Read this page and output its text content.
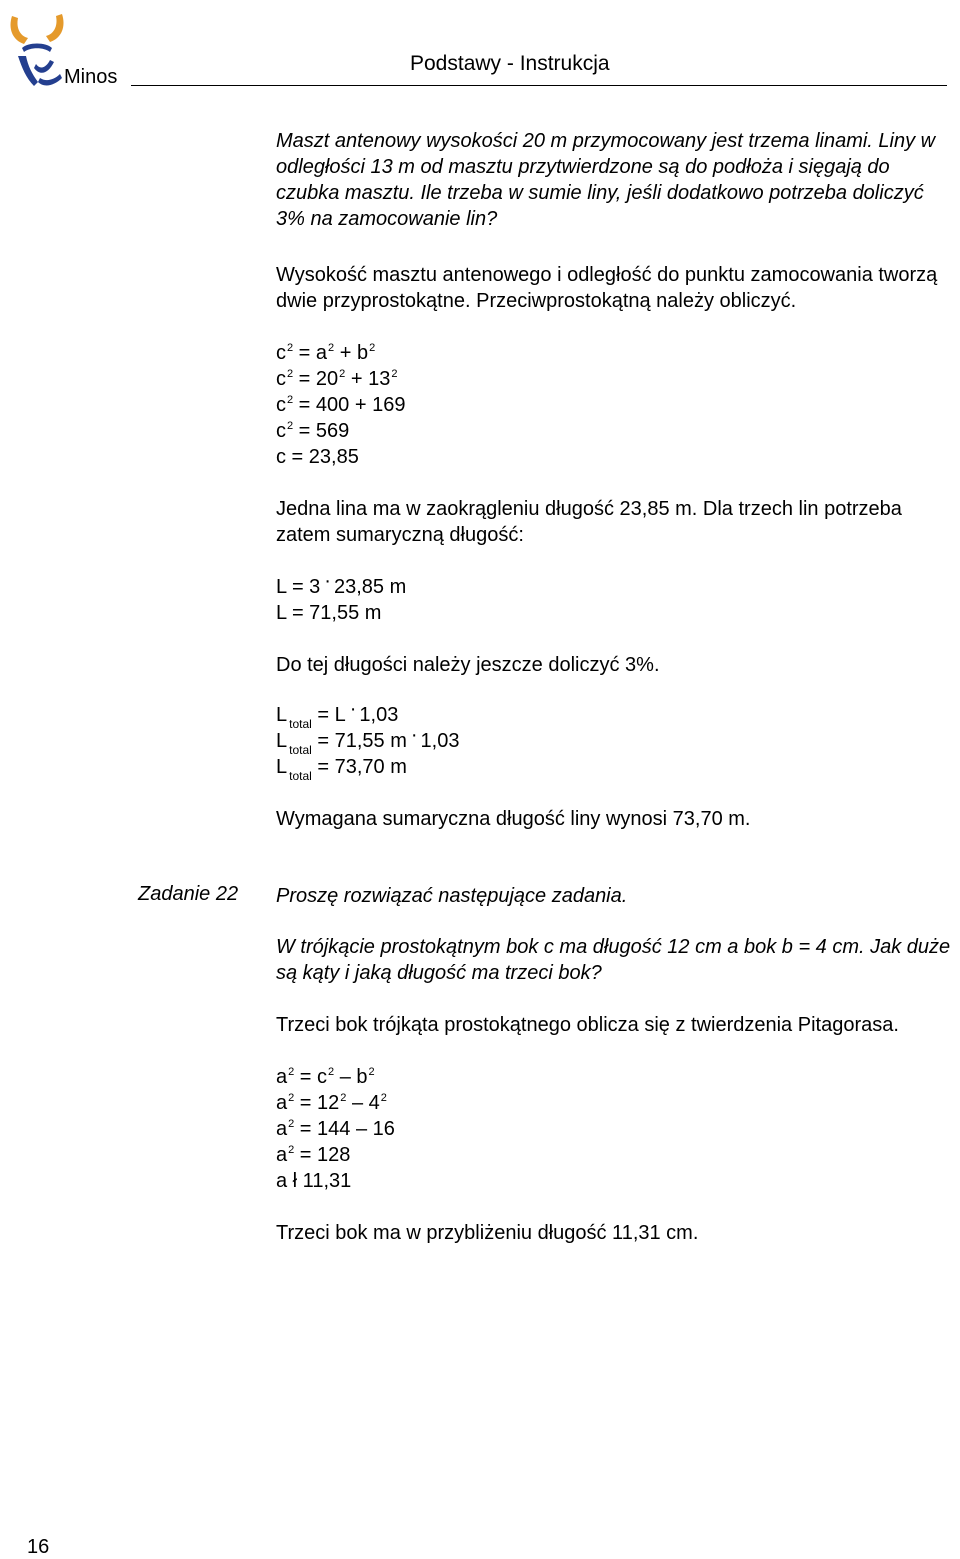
Minos
Podstawy - Instrukcja
Maszt antenowy wysokości 20 m przymocowany jest trzema linami. Liny w odległości 13 m od masztu przytwierdzone są do podłoża i sięgają do czubka masztu. Ile trzeba w sumie liny, jeśli dodatkowo potrzeba doliczyć 3% na zamocowanie lin?
Wysokość masztu antenowego i odległość do punktu zamocowania tworzą dwie przyprostokątne. Przeciwprostokątną należy obliczyć.
$c^2 = a^2 + b^2$
$c^2 = 20^2 + 13^2$
$c^2 = 400 + 169$
$c^2 = 569$
c = 23,85
Jedna lina ma w zaokrągleniu długość 23,85 m. Dla trzech lin potrzeba zatem sumaryczną długość:
L = 3 · 23,85 m
L = 71,55 m
Do tej długości należy jeszcze doliczyć 3%.
L $_{total}$ = L · 1,03
L $_{total}$ = 71,55 m · 1,03
L $_{total}$ = 73,70 m
Wymagana sumaryczna długość liny wynosi 73,70 m.
Zadanie 22 Proszę rozwiązać następujące zadania.
W trójkącie prostokątnym bok c ma długość 12 cm a bok b = 4 cm. Jak duże są kąty i jaką długość ma trzeci bok?
Trzeci bok trójkąta prostokątnego oblicza się z twierdzenia Pitagorasa.
$a^2 = c^2 - b^2$
$a^2 = 12^2 - 4^2$
$a^2 = 144 - 16$
$a^2 = 128$
a ł 11,31
Trzeci bok ma w przybliżeniu długość 11,31 cm.
16
